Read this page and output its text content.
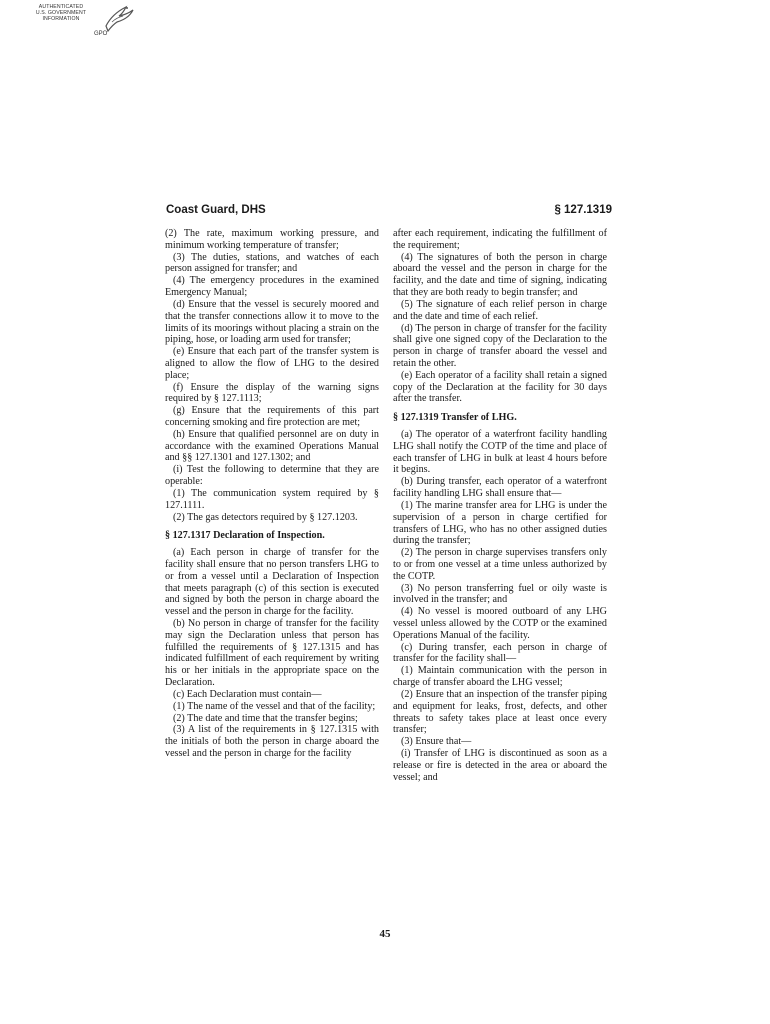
AUTHENTICATED
U.S. GOVERNMENT
INFORMATION
GPO
Coast Guard, DHS	§ 127.1319

(2) The rate, maximum working pressure, and minimum working temperature of transfer;

(3) The duties, stations, and watches of each person assigned for transfer; and

(4) The emergency procedures in the examined Emergency Manual;

(d) Ensure that the vessel is securely moored and that the transfer connections allow it to move to the limits of its moorings without placing a strain on the piping, hose, or loading arm used for transfer;

(e) Ensure that each part of the transfer system is aligned to allow the flow of LHG to the desired place;

(f) Ensure the display of the warning signs required by § 127.1113;

(g) Ensure that the requirements of this part concerning smoking and fire protection are met;

(h) Ensure that qualified personnel are on duty in accordance with the examined Operations Manual and §§ 127.1301 and 127.1302; and

(i) Test the following to determine that they are operable:

(1) The communication system required by § 127.1111.

(2) The gas detectors required by § 127.1203.

§ 127.1317 Declaration of Inspection.

(a) Each person in charge of transfer for the facility shall ensure that no person transfers LHG to or from a vessel until a Declaration of Inspection that meets paragraph (c) of this section is executed and signed by both the person in charge aboard the vessel and the person in charge for the facility.

(b) No person in charge of transfer for the facility may sign the Declaration unless that person has fulfilled the requirements of § 127.1315 and has indicated fulfillment of each requirement by writing his or her initials in the appropriate space on the Declaration.

(c) Each Declaration must contain—

(1) The name of the vessel and that of the facility;

(2) The date and time that the transfer begins;

(3) A list of the requirements in § 127.1315 with the initials of both the person in charge aboard the vessel and the person in charge for the facility

after each requirement, indicating the fulfillment of the requirement;

(4) The signatures of both the person in charge aboard the vessel and the person in charge for the facility, and the date and time of signing, indicating that they are both ready to begin transfer; and

(5) The signature of each relief person in charge and the date and time of each relief.

(d) The person in charge of transfer for the facility shall give one signed copy of the Declaration to the person in charge of transfer aboard the vessel and retain the other.

(e) Each operator of a facility shall retain a signed copy of the Declaration at the facility for 30 days after the transfer.

§ 127.1319 Transfer of LHG.

(a) The operator of a waterfront facility handling LHG shall notify the COTP of the time and place of each transfer of LHG in bulk at least 4 hours before it begins.

(b) During transfer, each operator of a waterfront facility handling LHG shall ensure that—

(1) The marine transfer area for LHG is under the supervision of a person in charge certified for transfers of LHG, who has no other assigned duties during the transfer;

(2) The person in charge supervises transfers only to or from one vessel at a time unless authorized by the COTP.

(3) No person transferring fuel or oily waste is involved in the transfer; and

(4) No vessel is moored outboard of any LHG vessel unless allowed by the COTP or the examined Operations Manual of the facility.

(c) During transfer, each person in charge of transfer for the facility shall—

(1) Maintain communication with the person in charge of transfer aboard the LHG vessel;

(2) Ensure that an inspection of the transfer piping and equipment for leaks, frost, defects, and other threats to safety takes place at least once every transfer;

(3) Ensure that—

(i) Transfer of LHG is discontinued as soon as a release or fire is detected in the area or aboard the vessel; and

45
